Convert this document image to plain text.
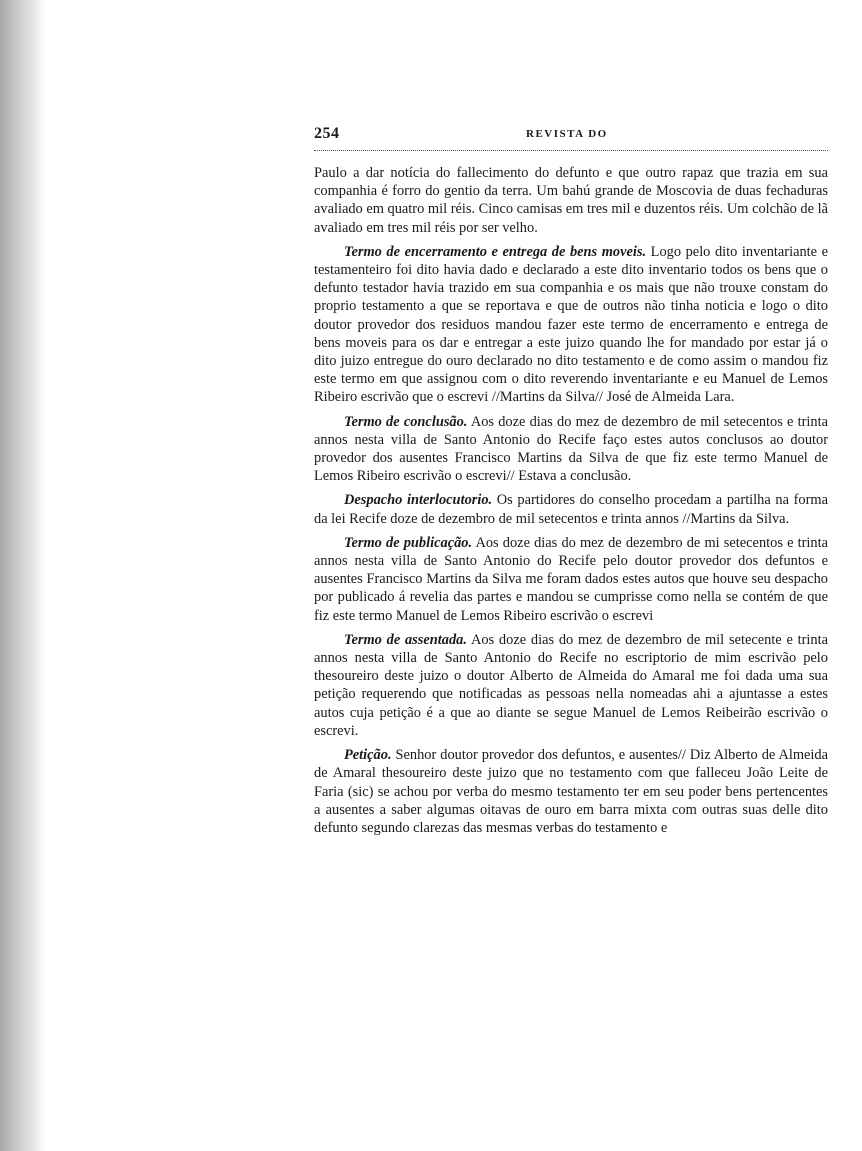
254	REVISTA DO

Paulo a dar notícia do fallecimento do defunto e que outro rapaz que trazia em sua companhia é forro do gentio da terra. Um bahú grande de Moscovia de duas fechaduras avaliado em quatro mil réis. Cinco camisas em tres mil e duzentos réis. Um colchão de lã avaliado em tres mil réis por ser velho.

Termo de encerramento e entrega de bens moveis. Logo pelo dito inventariante e testamenteiro foi dito havia dado e declarado a este dito inventario todos os bens que o defunto testador havia trazido em sua companhia e os mais que não trouxe constam do proprio testamento a que se reportava e que de outros não tinha noticia e logo o dito doutor provedor dos residuos mandou fazer este termo de encerramento e entrega de bens moveis para os dar e entregar a este juizo quando lhe for mandado por estar já o dito juizo entregue do ouro declarado no dito testamento e de como assim o mandou fiz este termo em que assignou com o dito reverendo inventariante e eu Manuel de Lemos Ribeiro escrivão que o escrevi //Martins da Silva// José de Almeida Lara.

Termo de conclusão. Aos doze dias do mez de dezembro de mil setecentos e trinta annos nesta villa de Santo Antonio do Recife faço estes autos conclusos ao doutor provedor dos ausentes Francisco Martins da Silva de que fiz este termo Manuel de Lemos Ribeiro escrivão o escrevi// Estava a conclusão.

Despacho interlocutorio. Os partidores do conselho procedam a partilha na forma da lei Recife doze de dezembro de mil setecentos e trinta annos //Martins da Silva.

Termo de publicação. Aos doze dias do mez de dezembro de mi setecentos e trinta annos nesta villa de Santo Antonio do Recife pelo doutor provedor dos defuntos e ausentes Francisco Martins da Silva me foram dados estes autos que houve seu despacho por publicado á revelia das partes e mandou se cumprisse como nella se contém de que fiz este termo Manuel de Lemos Ribeiro escrivão o escrevi

Termo de assentada. Aos doze dias do mez de dezembro de mil setecente e trinta annos nesta villa de Santo Antonio do Recife no escriptorio de mim escrivão pelo thesoureiro deste juizo o doutor Alberto de Almeida do Amaral me foi dada uma sua petição requerendo que notificadas as pessoas nella nomeadas ahi a ajuntasse a estes autos cuja petição é a que ao diante se segue Manuel de Lemos Reibeirão escrivão o escrevi.

Petição. Senhor doutor provedor dos defuntos, e ausentes// Diz Alberto de Almeida de Amaral thesoureiro deste juizo que no testamento com que falleceu João Leite de Faria (sic) se achou por verba do mesmo testamento ter em seu poder bens pertencentes a ausentes a saber algumas oitavas de ouro em barra mixta com outras suas delle dito defunto segundo clarezas das mesmas verbas do testamento e
